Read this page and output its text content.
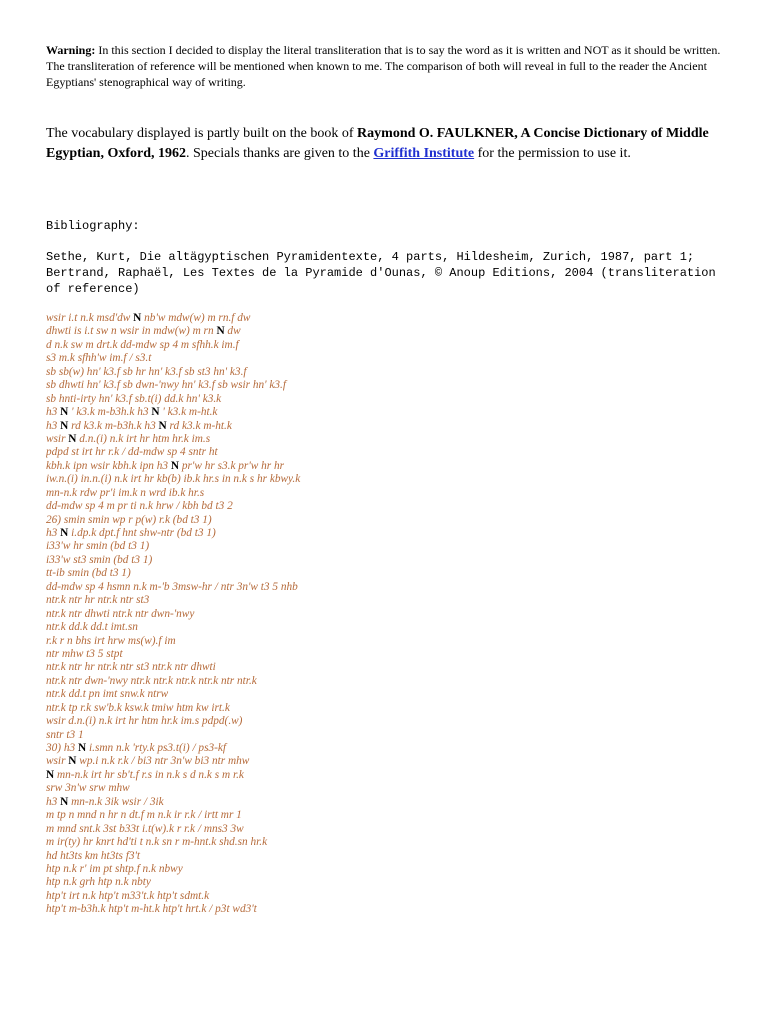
Warning: In this section I decided to display the literal transliteration that is to say the word as it is written and NOT as it should be written. The transliteration of reference will be mentioned when known to me. The comparison of both will reveal in full to the reader the Ancient Egyptians' stenographical way of writing.
The vocabulary displayed is partly built on the book of Raymond O. FAULKNER, A Concise Dictionary of Middle Egyptian, Oxford, 1962. Specials thanks are given to the Griffith Institute for the permission to use it.
Bibliography:
Sethe, Kurt, Die altägyptischen Pyramidentexte, 4 parts, Hildesheim, Zurich, 1987, part 1; Bertrand, Raphaël, Les Textes de la Pyramide d'Ounas, © Anoup Editions, 2004 (transliteration of reference)
wsir i.t n.k msd'dw N nb'w mdw(w) m rn.f dw
dhwti is i.t sw n wsir in mdw(w) m rn N dw
d n.k sw m drt.k dd-mdw sp 4 m sfhh.k im.f
s3 m.k sfhh'w im.f / s3.t
sb sb(w) hn' k3.f sb hr hn' k3.f sb st3 hn' k3.f
sb dhwti hn' k3.f sb dwn-'nwy hn' k3.f sb wsir hn' k3.f
sb hnti-irty hn' k3.f sb.t(i) dd.k hn' k3.k
h3 N ' k3.k m-b3h.k h3 N ' k3.k m-ht.k
h3 N rd k3.k m-b3h.k h3 N rd k3.k m-ht.k
wsir N d.n.(i) n.k irt hr htm hr.k im.s
pdpd st irt hr r.k / dd-mdw sp 4 sntr ht
kbh.k ipn wsir kbh.k ipn h3 N pr'w hr s3.k pr'w hr hr
iw.n.(i) in.n.(i) n.k irt hr kb(b) ib.k hr.s in n.k s hr kbwy.k
mn-n.k rdw pr'i im.k n wrd ib.k hr.s
dd-mdw sp 4 m pr ti n.k hrw / kbh bd t3 2
26) smin smin wp r p(w) r.k (bd t3 1)
h3 N i.dp.k dpt.f hnt shw-ntr (bd t3 1)
i33'w hr smin (bd t3 1)
i33'w st3 smin (bd t3 1)
tt-ib smin (bd t3 1)
dd-mdw sp 4 hsmn n.k m-'b 3msw-hr / ntr 3n'w t3 5 nhb
ntr.k ntr hr ntr.k ntr st3
ntr.k ntr dhwti ntr.k ntr dwn-'nwy
ntr.k dd.k dd.t imt.sn
r.k r n bhs irt hrw ms(w).f im
ntr mhw t3 5 stpt
ntr.k ntr hr ntr.k ntr st3 ntr.k ntr dhwti
ntr.k ntr dwn-'nwy ntr.k ntr.k ntr.k ntr.k ntr ntr.k
ntr.k dd.t pn imt snw.k ntrw
ntr.k tp r.k sw'b.k ksw.k tmiw htm kw irt.k
wsir d.n.(i) n.k irt hr htm hr.k im.s pdpd(.w)
sntr t3 1
30) h3 N i.smn n.k 'rty.k ps3.t(i) / ps3-kf
wsir N wp.i n.k r.k / bi3 ntr 3n'w bi3 ntr mhw
N mn-n.k irt hr sb't.f r.s in n.k s d n.k s m r.k
srw 3n'w srw mhw
h3 N mn-n.k 3ik wsir / 3ik
m tp n mnd n hr n dt.f m n.k ir r.k / irtt mr 1
m mnd snt.k 3st b33t i.t(w).k r r.k / mns3 3w
m ir(ty) hr knrt hd'ti t n.k sn r m-hnt.k shd.sn hr.k
hd ht3ts km ht3ts f3't
htp n.k r' im pt shtp.f n.k nbwy
htp n.k grh htp n.k nbty
htp't irt n.k htp't m33't.k htp't sdmt.k
htp't m-b3h.k htp't m-ht.k htp't hrt.k / p3t wd3't
